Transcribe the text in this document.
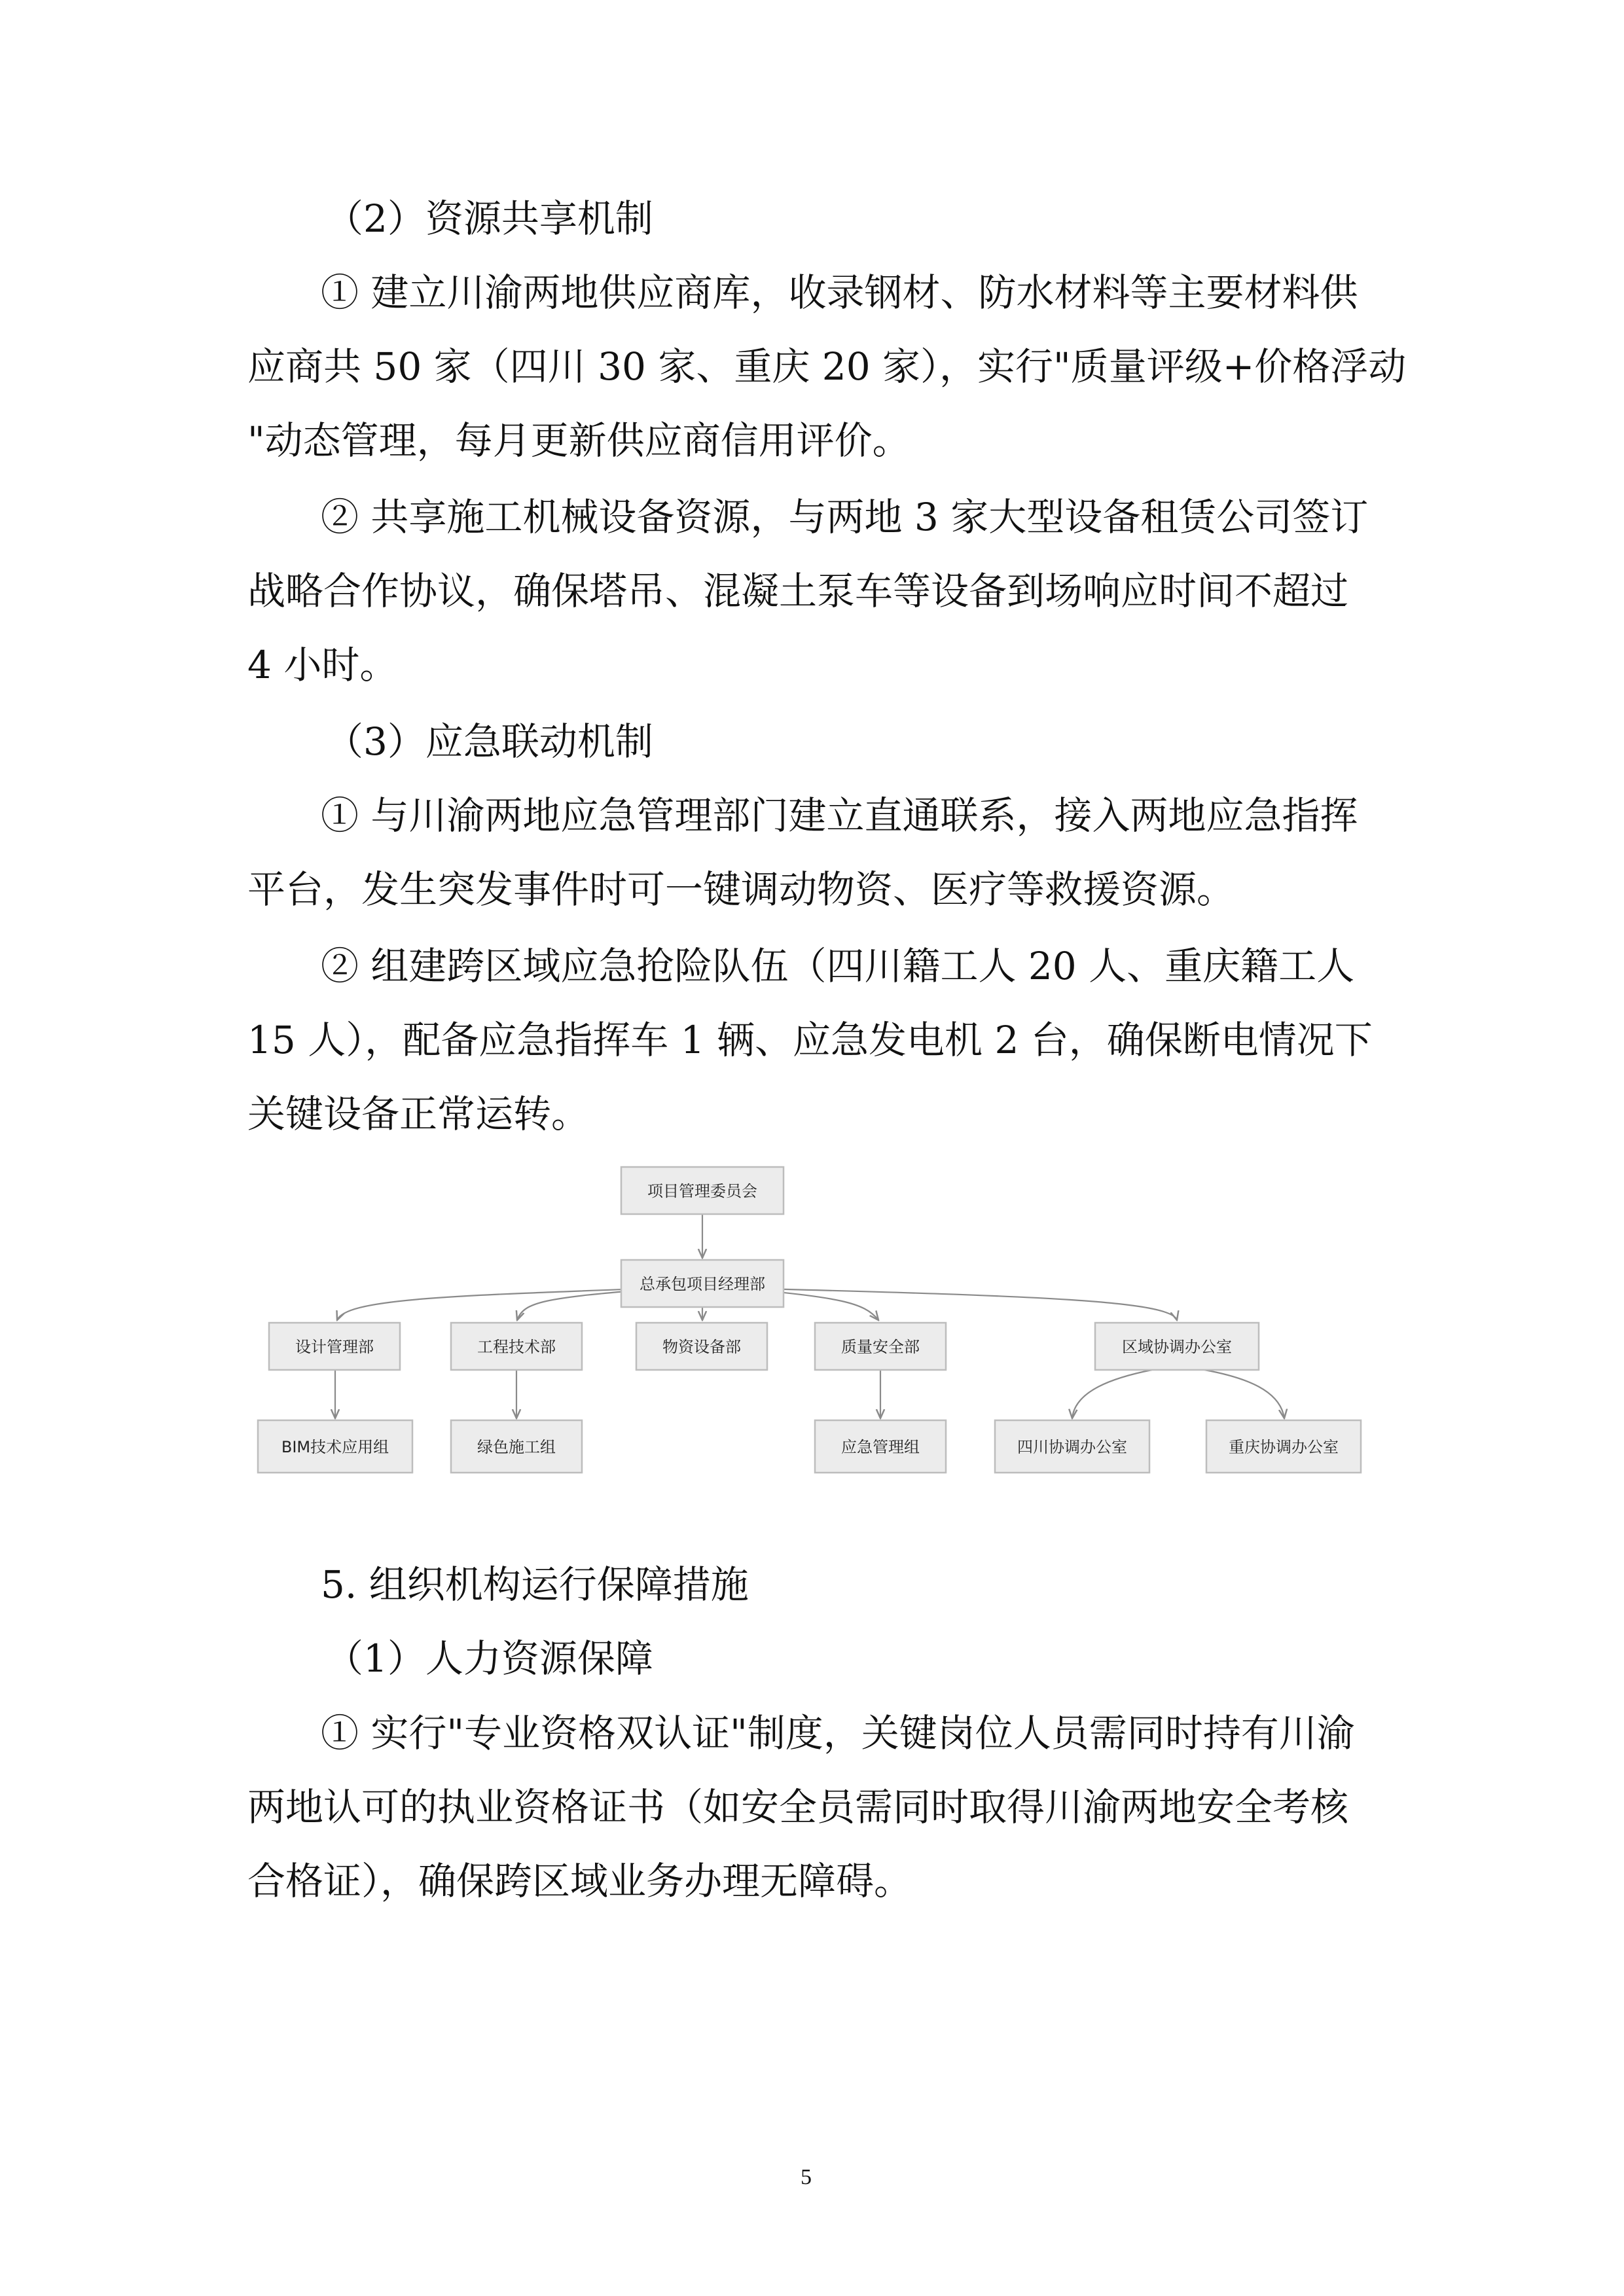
（2）资源共享机制
① 建立川渝两地供应商库，收录钢材、防水材料等主要材料供
应商共 50 家（四川 30 家、重庆 20 家），实行"质量评级+价格浮动
"动态管理，每月更新供应商信用评价。
② 共享施工机械设备资源，与两地 3 家大型设备租赁公司签订
战略合作协议，确保塔吊、混凝土泵车等设备到场响应时间不超过
4 小时。
（3）应急联动机制
① 与川渝两地应急管理部门建立直通联系，接入两地应急指挥
平台，发生突发事件时可一键调动物资、医疗等救援资源。
② 组建跨区域应急抢险队伍（四川籍工人 20 人、重庆籍工人
15 人），配备应急指挥车 1 辆、应急发电机 2 台，确保断电情况下
关键设备正常运转。
项目管理委员会
总承包项目经理部
设计管理部	工程技术部	物资设备部	质量安全部	区域协调办公室
BIM技术应用组	绿色施工组	应急管理组	四川协调办公室	重庆协调办公室
5. 组织机构运行保障措施
（1）人力资源保障
① 实行"专业资格双认证"制度，关键岗位人员需同时持有川渝
两地认可的执业资格证书（如安全员需同时取得川渝两地安全考核
合格证），确保跨区域业务办理无障碍。
5
